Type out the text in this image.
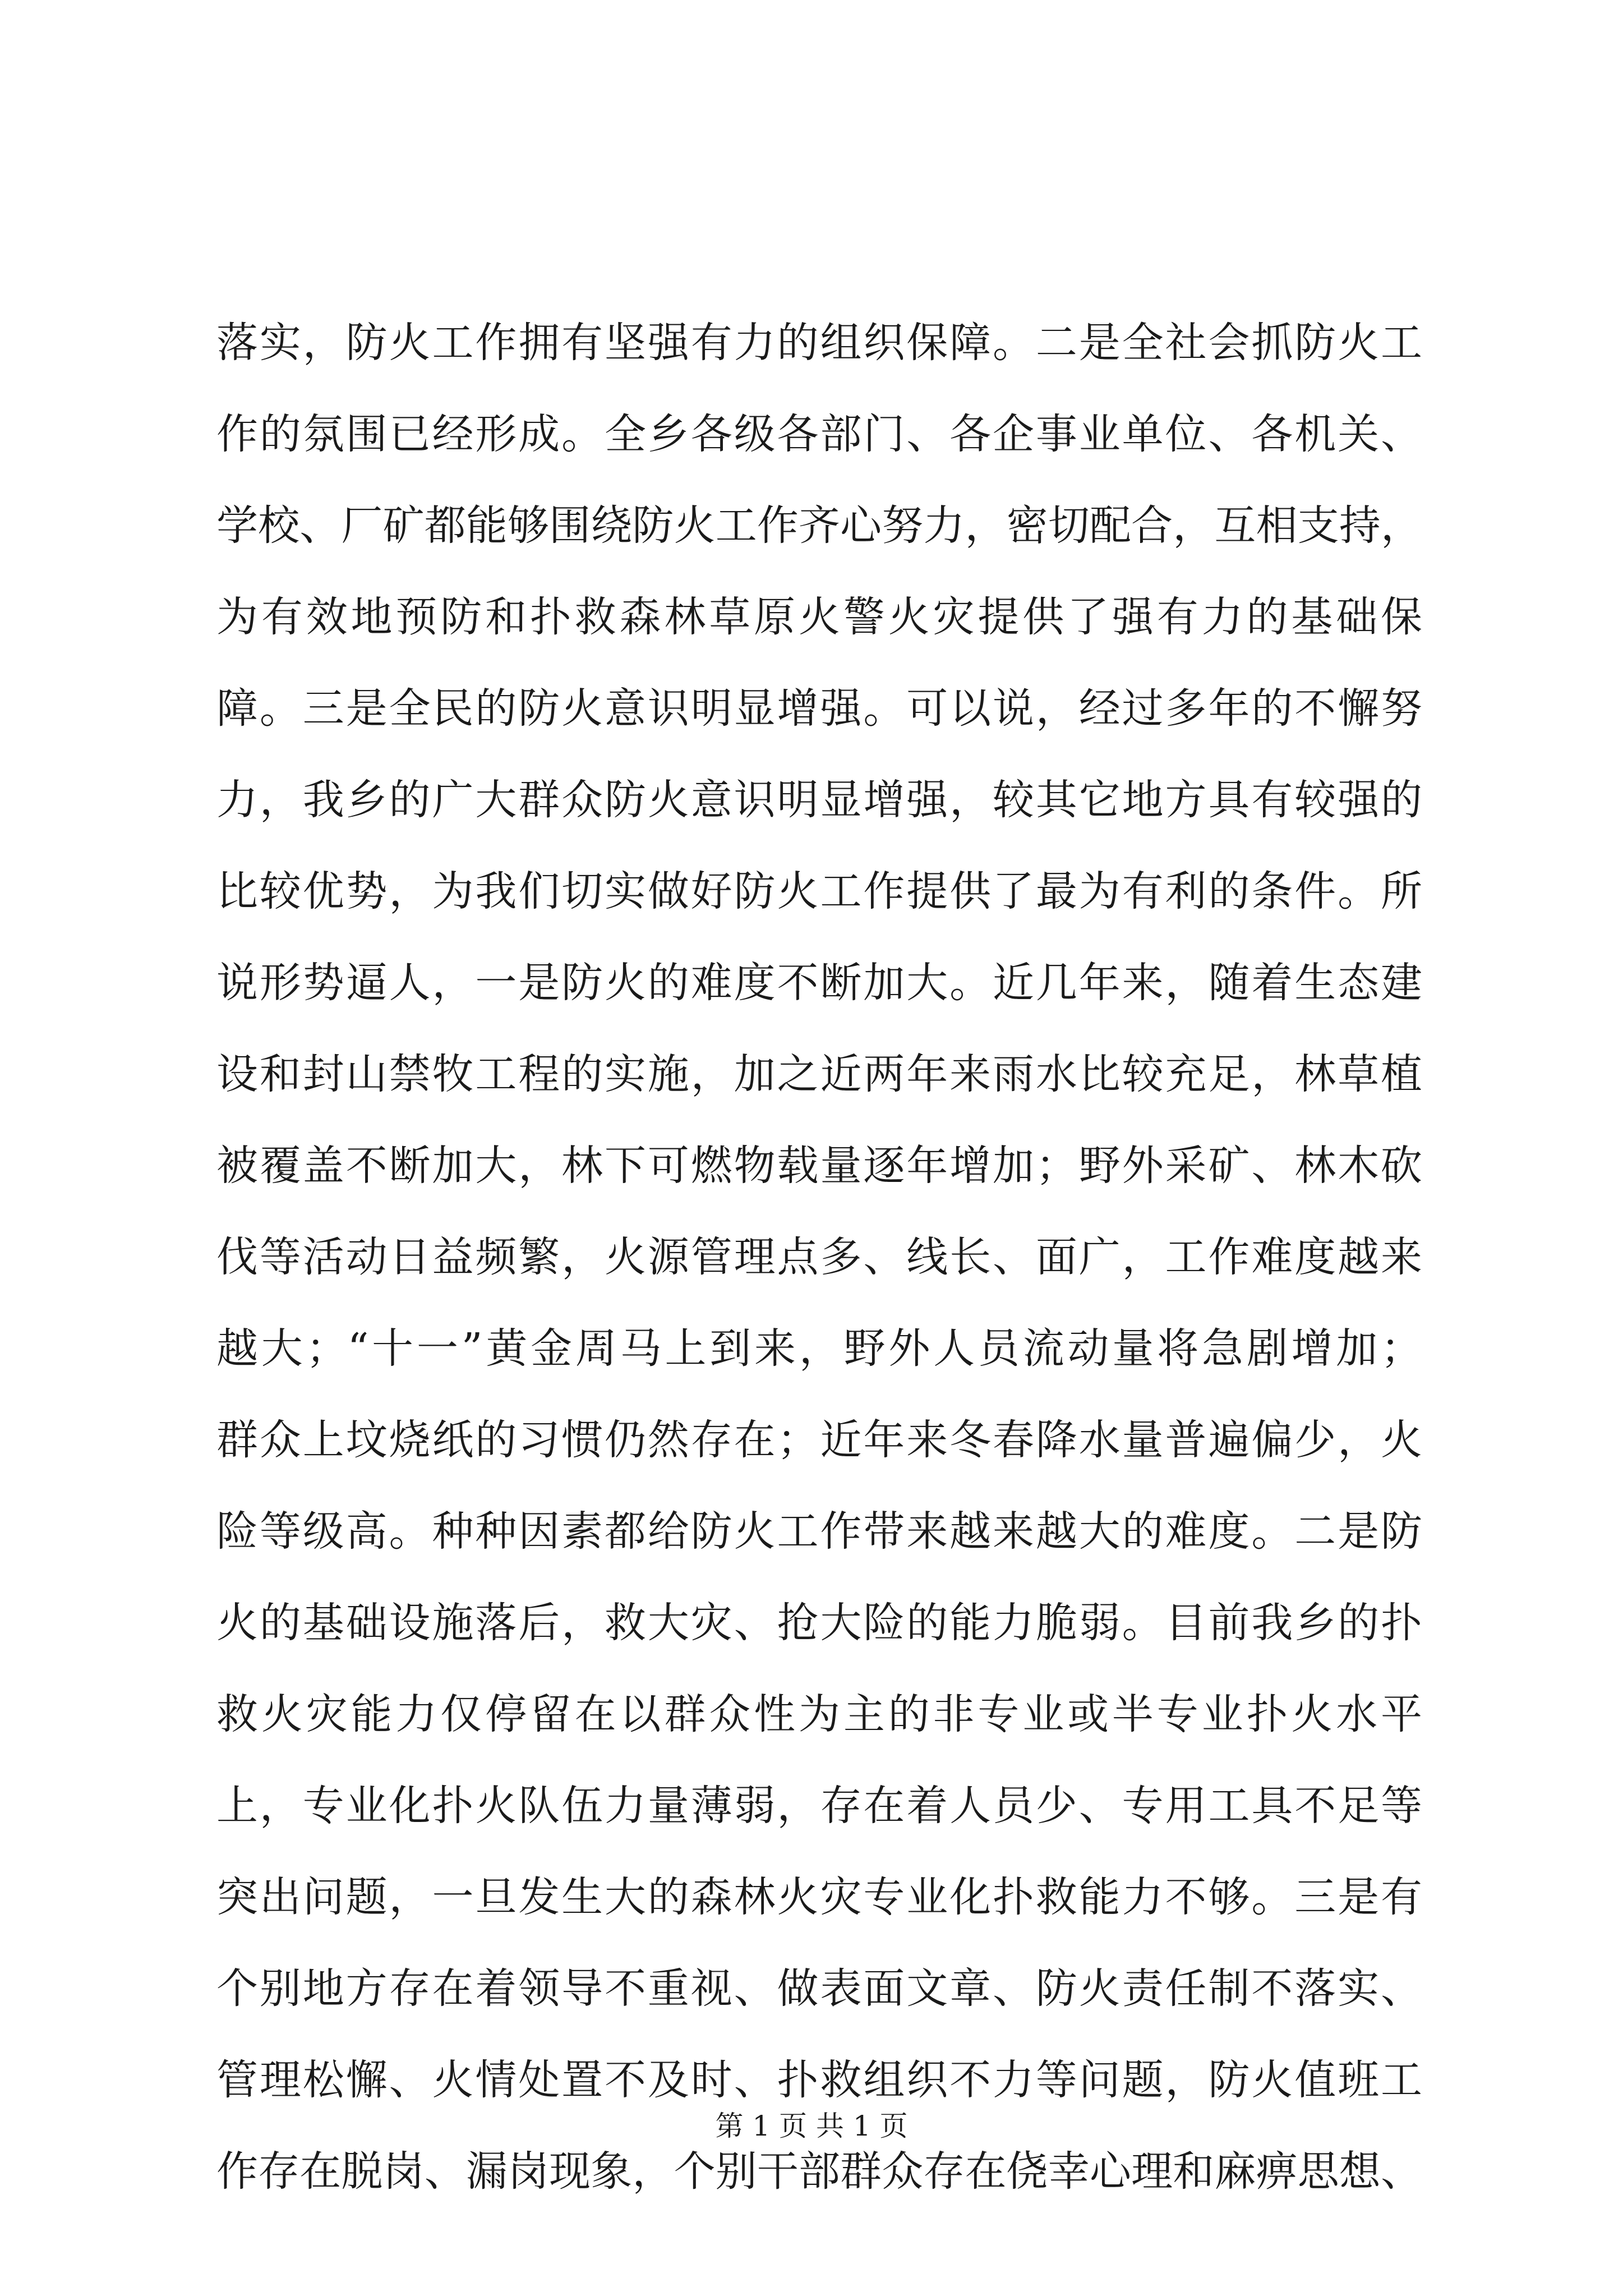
落实，防火工作拥有坚强有力的组织保障。二是全社会抓防火工
作的氛围已经形成。全乡各级各部门、各企事业单位、各机关、
学校、厂矿都能够围绕防火工作齐心努力，密切配合，互相支持，
为有效地预防和扑救森林草原火警火灾提供了强有力的基础保
障。三是全民的防火意识明显增强。可以说，经过多年的不懈努
力，我乡的广大群众防火意识明显增强，较其它地方具有较强的
比较优势，为我们切实做好防火工作提供了最为有利的条件。所
说形势逼人，一是防火的难度不断加大。近几年来，随着生态建
设和封山禁牧工程的实施，加之近两年来雨水比较充足，林草植
被覆盖不断加大，林下可燃物载量逐年增加；野外采矿、林木砍
伐等活动日益频繁，火源管理点多、线长、面广，工作难度越来
越大；“十一”黄金周马上到来，野外人员流动量将急剧增加；
群众上坟烧纸的习惯仍然存在；近年来冬春降水量普遍偏少，火
险等级高。种种因素都给防火工作带来越来越大的难度。二是防
火的基础设施落后，救大灾、抢大险的能力脆弱。目前我乡的扑
救火灾能力仅停留在以群众性为主的非专业或半专业扑火水平
上，专业化扑火队伍力量薄弱，存在着人员少、专用工具不足等
突出问题，一旦发生大的森林火灾专业化扑救能力不够。三是有
个别地方存在着领导不重视、做表面文章、防火责任制不落实、
管理松懈、火情处置不及时、扑救组织不力等问题，防火值班工
作存在脱岗、漏岗现象，个别干部群众存在侥幸心理和麻痹思想、
第 1 页 共 1 页
